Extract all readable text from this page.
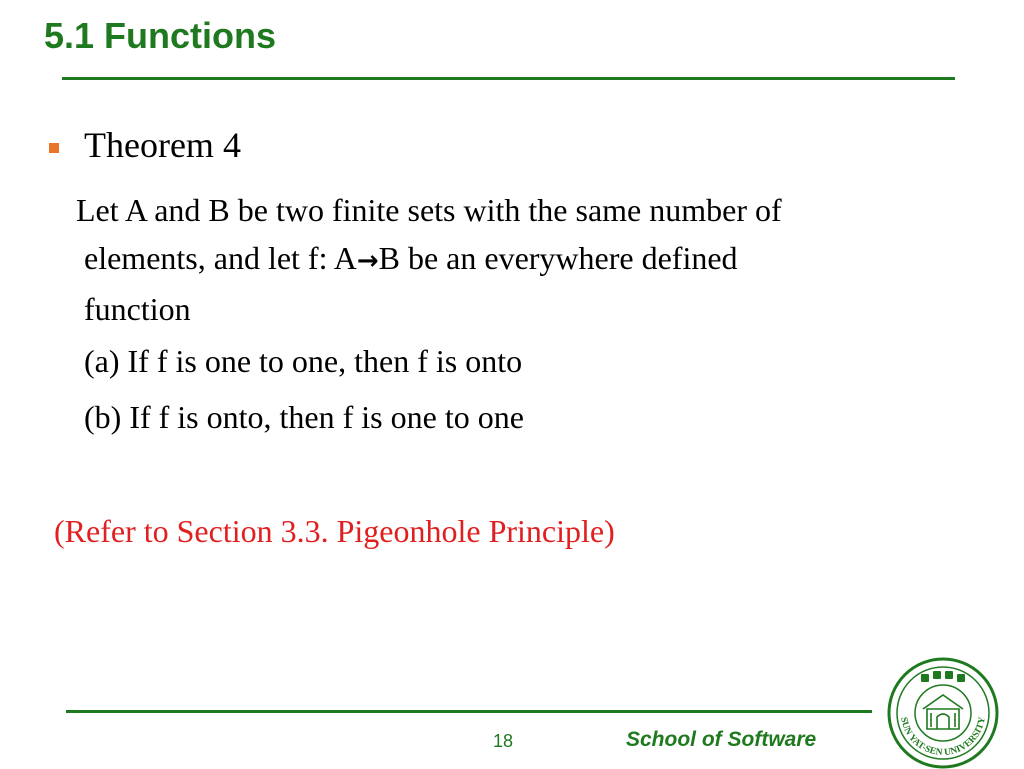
5.1 Functions
Theorem 4
Let A and B be two finite sets with the same number of
elements, and let f: A→B be an everywhere defined
function
(a) If f is one to one, then f is onto
(b) If f is onto, then f is one to one
(Refer to Section 3.3. Pigeonhole Principle)
18	School of Software
SUN YAT-SEN UNIVERSITY
